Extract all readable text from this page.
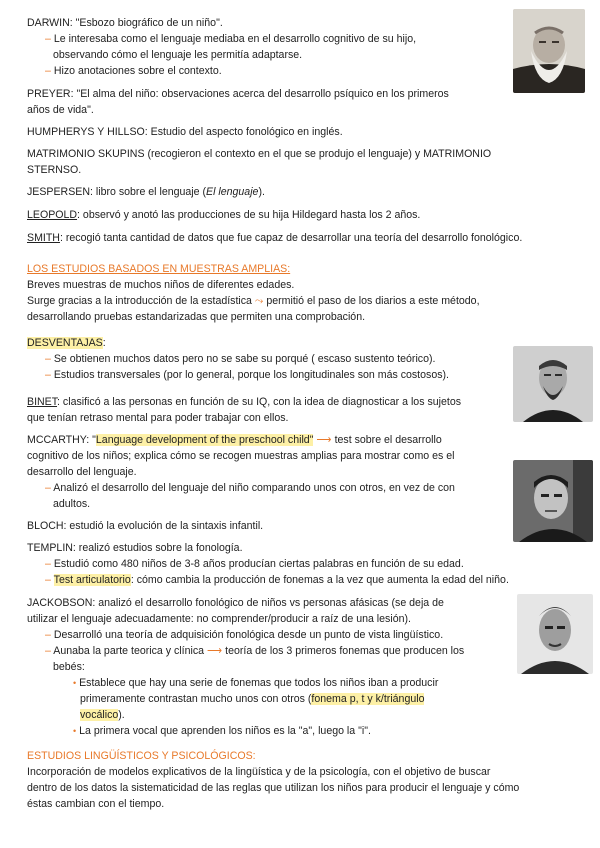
DARWIN: "Esbozo biográfico de un niño".
– Le interesaba como el lenguaje mediaba en el desarrollo cognitivo de su hijo,
observando cómo el lenguaje les permitía adaptarse.
– Hizo anotaciones sobre el contexto.
PREYER: "El alma del niño: observaciones acerca del desarrollo psíquico en los primeros
años de vida".
HUMPHERYS Y HILLSO: Estudio del aspecto fonológico en inglés.
MATRIMONIO SKUPINS (recogieron el contexto en el que se produjo el lenguaje) y MATRIMONIO
STERNSO.
JESPERSEN: libro sobre el lenguaje (El lenguaje).
LEOPOLD: observó y anotó las producciones de su hija Hildegard hasta los 2 años.
SMITH: recogió tanta cantidad de datos que fue capaz de desarrollar una teoría del desarrollo fonológico.
LOS ESTUDIOS BASADOS EN MUESTRAS AMPLIAS:
Breves muestras de muchos niños de diferentes edades.
Surge gracias a la introducción de la estadística ⤳ permitió el paso de los diarios a este método,
desarrollando pruebas estandarizadas que permiten una comprobación.
DESVENTAJAS:
– Se obtienen muchos datos pero no se sabe su porqué ( escaso sustento teórico).
– Estudios transversales (por lo general, porque los longitudinales son más costosos).
BINET: clasificó a las personas en función de su IQ, con la idea de diagnosticar a los sujetos
que tenían retraso mental para poder trabajar con ellos.
MCCARTHY: "Language development of the preschool child" ⟶ test sobre el desarrollo
cognitivo de los niños; explica cómo se recogen muestras amplias para mostrar como es el
desarrollo del lenguaje.
– Analizó el desarrollo del lenguaje del niño comparando unos con otros, en vez de con
adultos.
BLOCH: estudió la evolución de la sintaxis infantil.
TEMPLIN: realizó estudios sobre la fonología.
– Estudió como 480 niños de 3-8 años producían ciertas palabras en función de su edad.
– Test articulatorio: cómo cambia la producción de fonemas a la vez que aumenta la edad del niño.
JACKOBSON: analizó el desarrollo fonológico de niños vs personas afásicas (se deja de
utilizar el lenguaje adecuadamente: no comprender/producir a raíz de una lesión).
– Desarrolló una teoría de adquisición fonológica desde un punto de vista lingüístico.
– Aunaba la parte teorica y clínica ⟶ teoría de los 3 primeros fonemas que producen los
bebés:
• Establece que hay una serie de fonemas que todos los niños iban a producir
primeramente contrastan mucho unos con otros (fonema p, t y k/triángulo
vocálico).
• La primera vocal que aprenden los niños es la "a", luego la "i".
ESTUDIOS LINGÜÍSTICOS Y PSICOLÓGICOS:
Incorporación de modelos explicativos de la lingüística y de la psicología, con el objetivo de buscar
dentro de los datos la sistematicidad de las reglas que utilizan los niños para producir el lenguaje y cómo
éstas cambian con el tiempo.
